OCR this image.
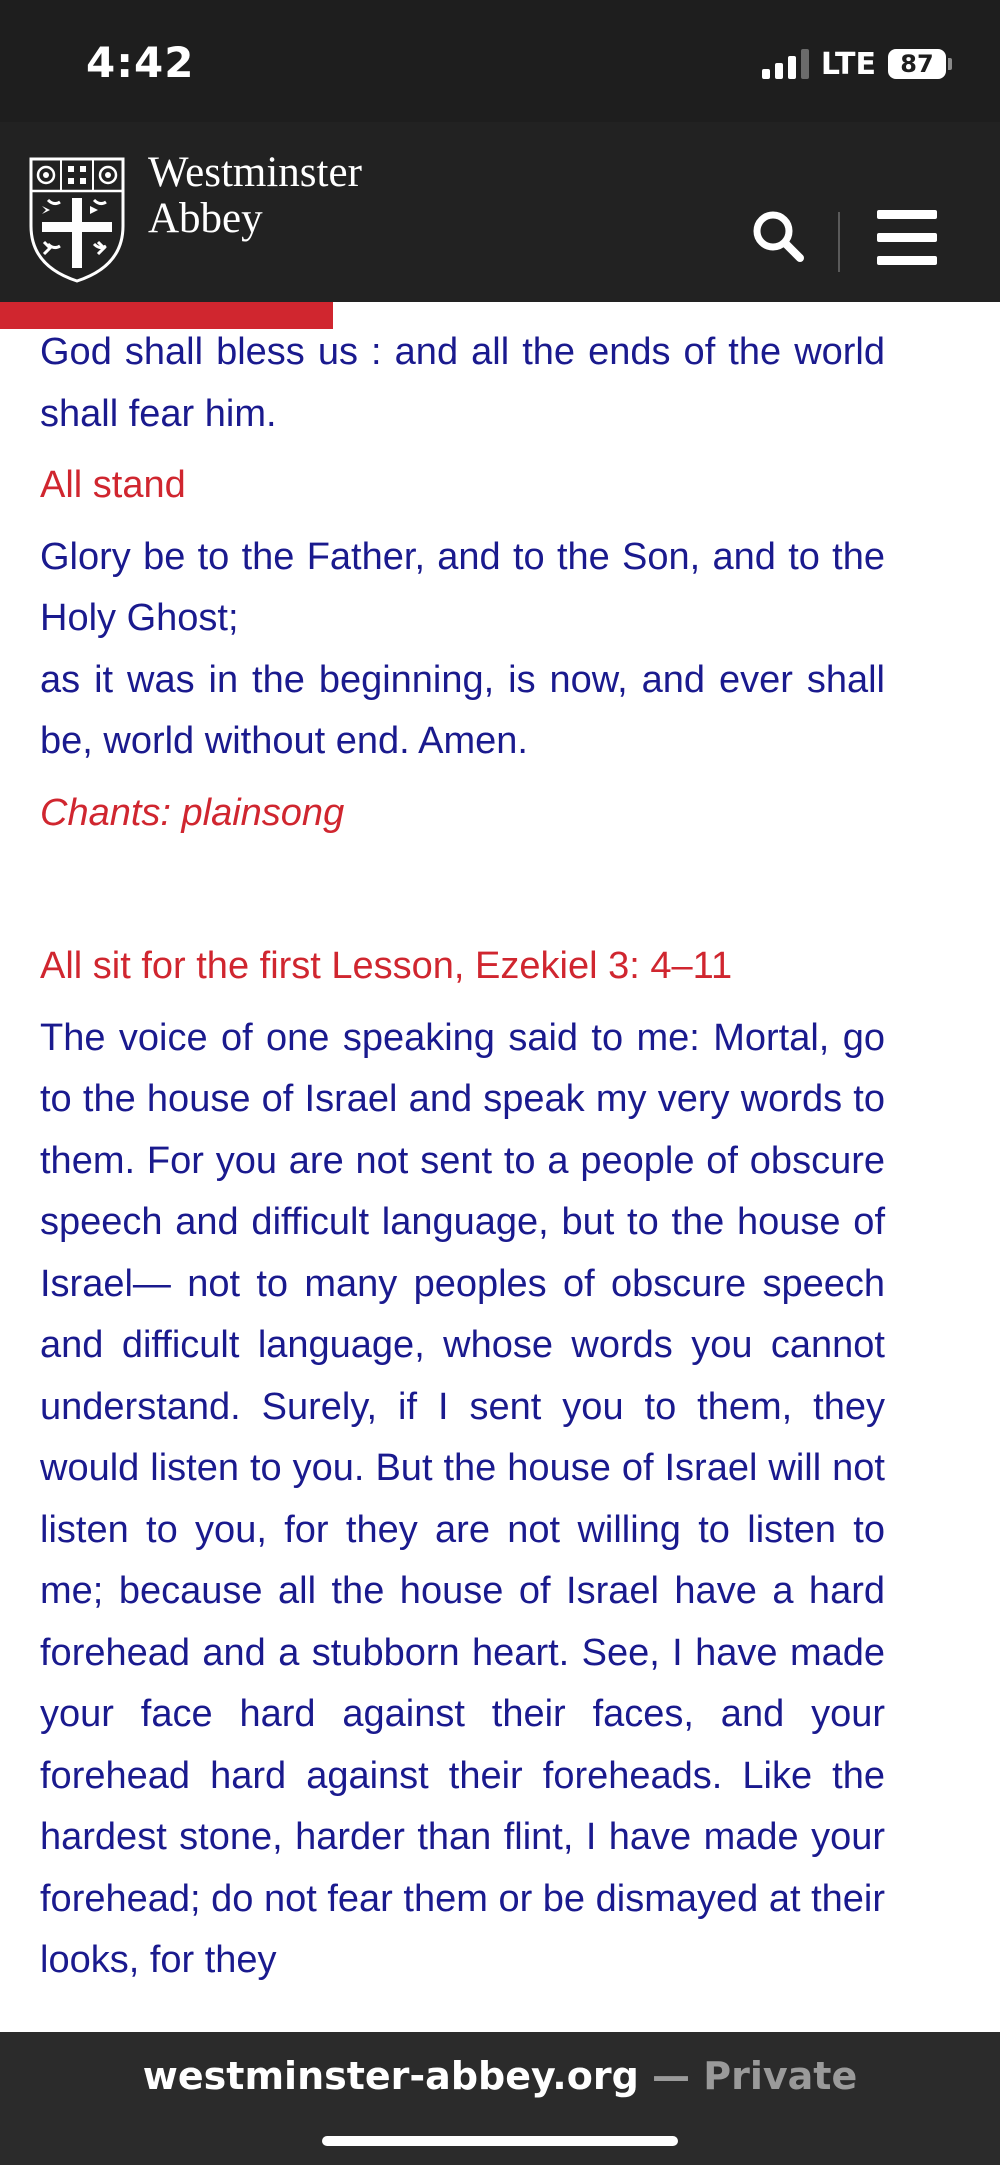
4:42	LTE	87
Westminster
Abbey

God shall bless us : and all the ends of the world shall fear him.

All stand

Glory be to the Father, and to the Son, and to the Holy Ghost;

as it was in the beginning, is now, and ever shall be, world without end. Amen.

Chants: plainsong

All sit for the first Lesson, Ezekiel 3: 4–11

The voice of one speaking said to me: Mortal, go to the house of Israel and speak my very words to them. For you are not sent to a people of obscure speech and difficult language, but to the house of Israel— not to many peoples of obscure speech and difficult language, whose words you cannot understand. Surely, if I sent you to them, they would listen to you. But the house of Israel will not listen to you, for they are not willing to listen to me; because all the house of Israel have a hard forehead and a stubborn heart. See, I have made your face hard against their faces, and your forehead hard against their foreheads. Like the hardest stone, harder than flint, I have made your forehead; do not fear them or be dismayed at their looks, for they

westminster-abbey.org — Private
